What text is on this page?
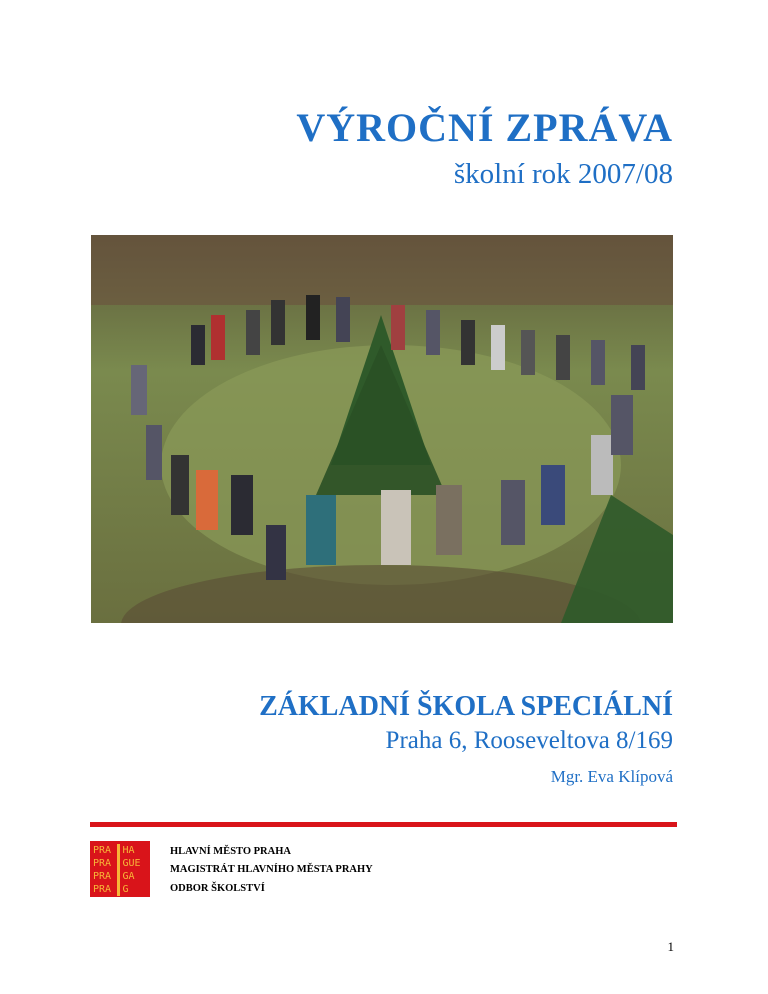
VÝROČNÍ ZPRÁVA
školní rok 2007/08
ZÁKLADNÍ ŠKOLA SPECIÁLNÍ
Praha 6, Rooseveltova 8/169
Mgr. Eva Klípová
PRA	HA
PRA	GUE
PRA	GA
PRA	G
HLAVNÍ MĚSTO PRAHA
MAGISTRÁT HLAVNÍHO MĚSTA PRAHY
ODBOR ŠKOLSTVÍ
1
